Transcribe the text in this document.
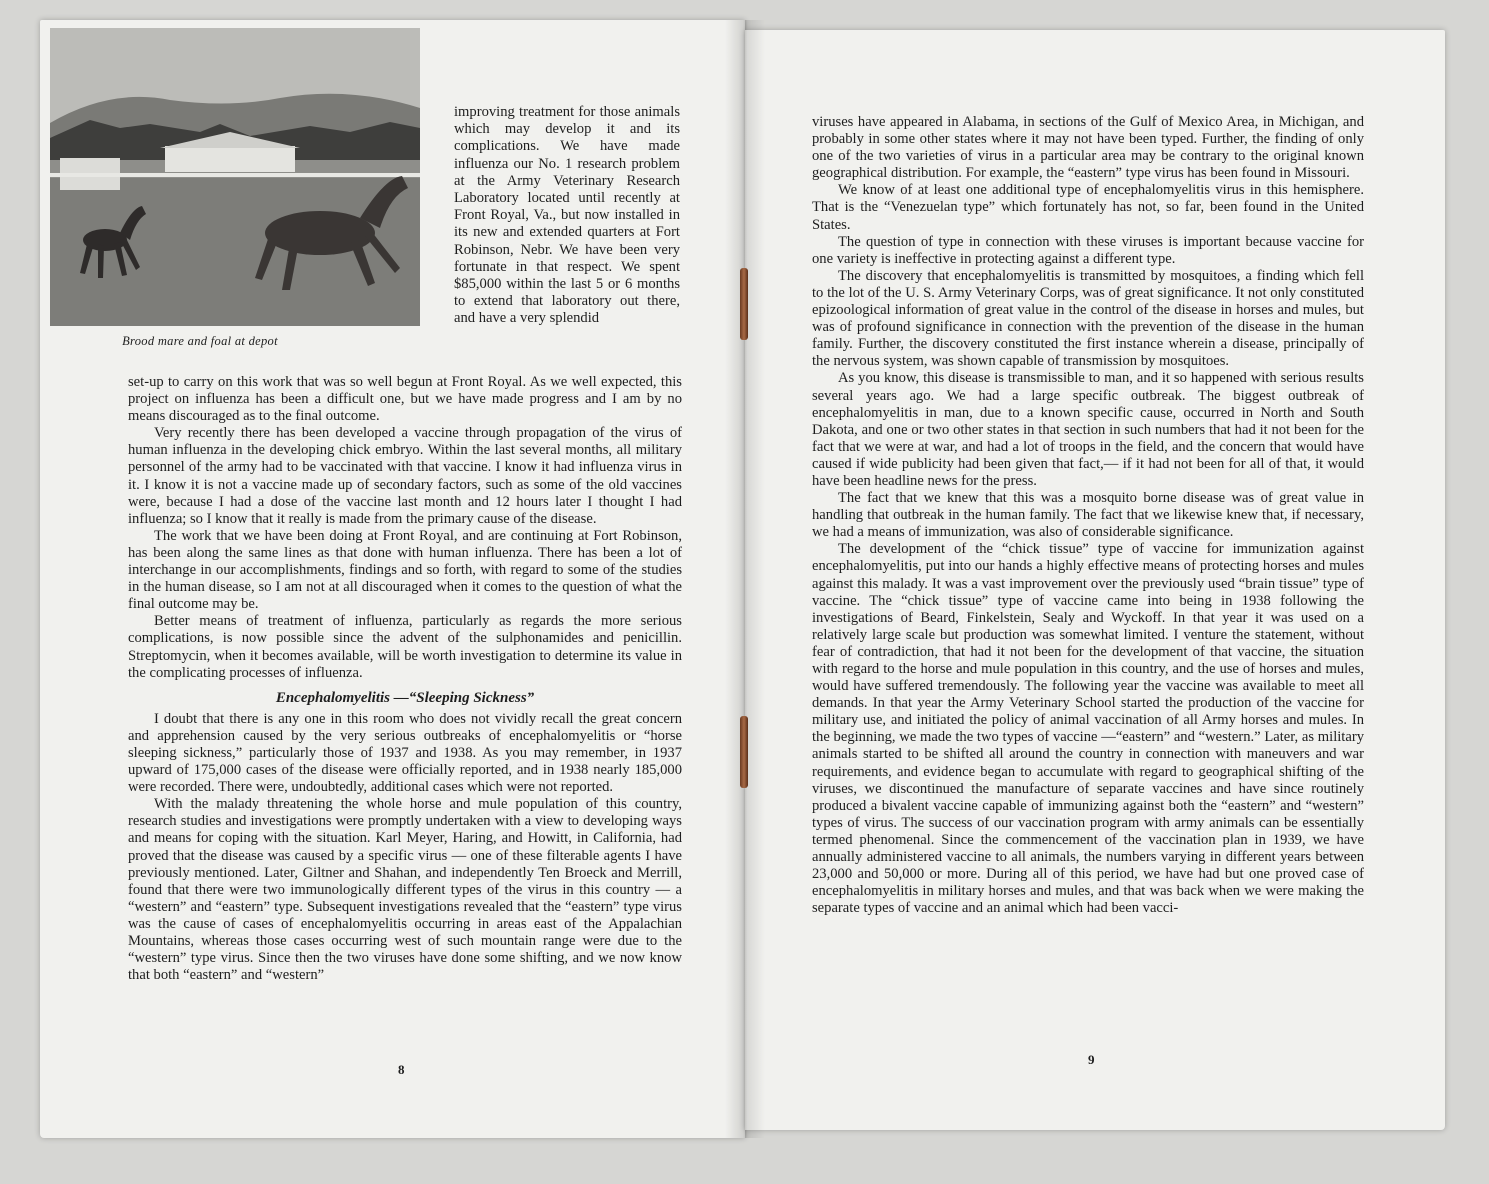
Brood mare and foal at depot
improving treatment for those animals which may develop it and its complications. We have made influenza our No. 1 research problem at the Army Veterinary Research Laboratory located until recently at Front Royal, Va., but now installed in its new and extended quarters at Fort Robinson, Nebr. We have been very fortunate in that respect. We spent $85,000 within the last 5 or 6 months to extend that laboratory out there, and have a very splendid

set-up to carry on this work that was so well begun at Front Royal. As we well expected, this project on influenza has been a difficult one, but we have made progress and I am by no means discouraged as to the final outcome.

Very recently there has been developed a vaccine through propagation of the virus of human influenza in the developing chick embryo. Within the last several months, all military personnel of the army had to be vaccinated with that vaccine. I know it had influenza virus in it. I know it is not a vaccine made up of secondary factors, such as some of the old vaccines were, because I had a dose of the vaccine last month and 12 hours later I thought I had influenza; so I know that it really is made from the primary cause of the disease.

The work that we have been doing at Front Royal, and are continuing at Fort Robinson, has been along the same lines as that done with human influenza. There has been a lot of interchange in our accomplishments, findings and so forth, with regard to some of the studies in the human disease, so I am not at all discouraged when it comes to the question of what the final outcome may be.

Better means of treatment of influenza, particularly as regards the more serious complications, is now possible since the advent of the sulphonamides and penicillin. Streptomycin, when it becomes available, will be worth investigation to determine its value in the complicating processes of influenza.

Encephalomyelitis —“Sleeping Sickness”

I doubt that there is any one in this room who does not vividly recall the great concern and apprehension caused by the very serious outbreaks of encephalomyelitis or “horse sleeping sickness,” particularly those of 1937 and 1938. As you may remember, in 1937 upward of 175,000 cases of the disease were officially reported, and in 1938 nearly 185,000 were recorded. There were, undoubtedly, additional cases which were not reported.

With the malady threatening the whole horse and mule population of this country, research studies and investigations were promptly undertaken with a view to developing ways and means for coping with the situation. Karl Meyer, Haring, and Howitt, in California, had proved that the disease was caused by a specific virus — one of these filterable agents I have previously mentioned. Later, Giltner and Shahan, and independently Ten Broeck and Merrill, found that there were two immunologically different types of the virus in this country — a “western” and “eastern” type. Subsequent investigations revealed that the “eastern” type virus was the cause of cases of encephalomyelitis occurring in areas east of the Appalachian Mountains, whereas those cases occurring west of such mountain range were due to the “western” type virus. Since then the two viruses have done some shifting, and we now know that both “eastern” and “western”

8

viruses have appeared in Alabama, in sections of the Gulf of Mexico Area, in Michigan, and probably in some other states where it may not have been typed. Further, the finding of only one of the two varieties of virus in a particular area may be contrary to the original known geographical distribution. For example, the “eastern” type virus has been found in Missouri.

We know of at least one additional type of encephalomyelitis virus in this hemisphere. That is the “Venezuelan type” which fortunately has not, so far, been found in the United States.

The question of type in connection with these viruses is important because vaccine for one variety is ineffective in protecting against a different type.

The discovery that encephalomyelitis is transmitted by mosquitoes, a finding which fell to the lot of the U. S. Army Veterinary Corps, was of great significance. It not only constituted epizoological information of great value in the control of the disease in horses and mules, but was of profound significance in connection with the prevention of the disease in the human family. Further, the discovery constituted the first instance wherein a disease, principally of the nervous system, was shown capable of transmission by mosquitoes.

As you know, this disease is transmissible to man, and it so happened with serious results several years ago. We had a large specific outbreak. The biggest outbreak of encephalomyelitis in man, due to a known specific cause, occurred in North and South Dakota, and one or two other states in that section in such numbers that had it not been for the fact that we were at war, and had a lot of troops in the field, and the concern that would have caused if wide publicity had been given that fact,— if it had not been for all of that, it would have been headline news for the press.

The fact that we knew that this was a mosquito borne disease was of great value in handling that outbreak in the human family. The fact that we likewise knew that, if necessary, we had a means of immunization, was also of considerable significance.

The development of the “chick tissue” type of vaccine for immunization against encephalomyelitis, put into our hands a highly effective means of protecting horses and mules against this malady. It was a vast improvement over the previously used “brain tissue” type of vaccine. The “chick tissue” type of vaccine came into being in 1938 following the investigations of Beard, Finkelstein, Sealy and Wyckoff. In that year it was used on a relatively large scale but production was somewhat limited. I venture the statement, without fear of contradiction, that had it not been for the development of that vaccine, the situation with regard to the horse and mule population in this country, and the use of horses and mules, would have suffered tremendously. The following year the vaccine was available to meet all demands. In that year the Army Veterinary School started the production of the vaccine for military use, and initiated the policy of animal vaccination of all Army horses and mules. In the beginning, we made the two types of vaccine —“eastern” and “western.” Later, as military animals started to be shifted all around the country in connection with maneuvers and war requirements, and evidence began to accumulate with regard to geographical shifting of the viruses, we discontinued the manufacture of separate vaccines and have since routinely produced a bivalent vaccine capable of immunizing against both the “eastern” and “western” types of virus. The success of our vaccination program with army animals can be essentially termed phenomenal. Since the commencement of the vaccination plan in 1939, we have annually administered vaccine to all animals, the numbers varying in different years between 23,000 and 50,000 or more. During all of this period, we have had but one proved case of encephalomyelitis in military horses and mules, and that was back when we were making the separate types of vaccine and an animal which had been vacci-

9
